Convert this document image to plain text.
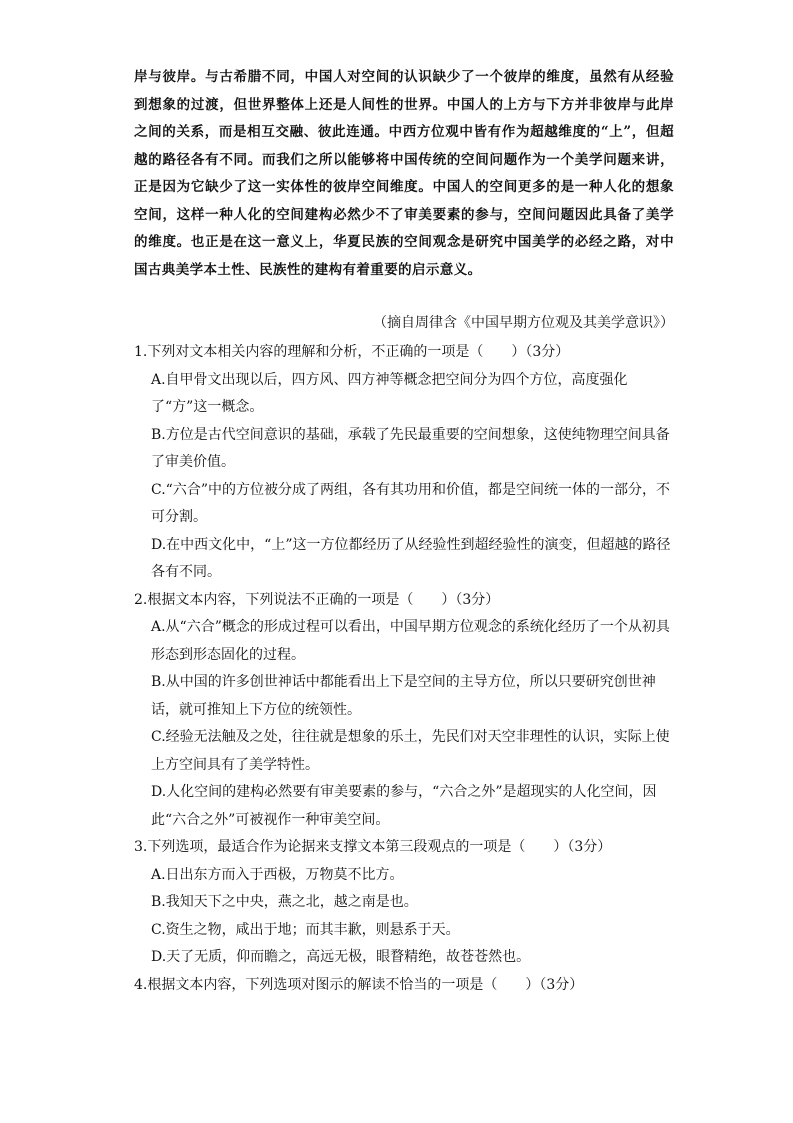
岸与彼岸。与古希腊不同，中国人对空间的认识缺少了一个彼岸的维度，虽然有从经验到想象的过渡，但世界整体上还是人间性的世界。中国人的上方与下方并非彼岸与此岸之间的关系，而是相互交融、彼此连通。中西方位观中皆有作为超越维度的“上”，但超越的路径各有不同。而我们之所以能够将中国传统的空间问题作为一个美学问题来讲，正是因为它缺少了这一实体性的彼岸空间维度。中国人的空间更多的是一种人化的想象空间，这样一种人化的空间建构必然少不了审美要素的参与，空间问题因此具备了美学的维度。也正是在这一意义上，华夏民族的空间观念是研究中国美学的必经之路，对中国古典美学本土性、民族性的建构有着重要的启示意义。

（摘自周律含《中国早期方位观及其美学意识》）

1.下列对文本相关内容的理解和分析，不正确的一项是（　　）（3分）

A.自甲骨文出现以后，四方风、四方神等概念把空间分为四个方位，高度强化了“方”这一概念。

B.方位是古代空间意识的基础，承载了先民最重要的空间想象，这使纯物理空间具备了审美价值。

C.“六合”中的方位被分成了两组，各有其功用和价值，都是空间统一体的一部分，不可分割。

D.在中西文化中，“上”这一方位都经历了从经验性到超经验性的演变，但超越的路径各有不同。

2.根据文本内容，下列说法不正确的一项是（　　）（3分）

A.从“六合”概念的形成过程可以看出，中国早期方位观念的系统化经历了一个从初具形态到形态固化的过程。

B.从中国的许多创世神话中都能看出上下是空间的主导方位，所以只要研究创世神话，就可推知上下方位的统领性。

C.经验无法触及之处，往往就是想象的乐土，先民们对天空非理性的认识，实际上使上方空间具有了美学特性。

D.人化空间的建构必然要有审美要素的参与，“六合之外”是超现实的人化空间，因此“六合之外”可被视作一种审美空间。

3.下列选项，最适合作为论据来支撑文本第三段观点的一项是（　　）（3分）

A.日出东方而入于西极，万物莫不比方。

B.我知天下之中央，燕之北，越之南是也。

C.资生之物，咸出于地；而其丰歉，则悬系于天。

D.天了无质，仰而瞻之，高远无极，眼瞀精绝，故苍苍然也。

4.根据文本内容，下列选项对图示的解读不恰当的一项是（　　）（3分）
